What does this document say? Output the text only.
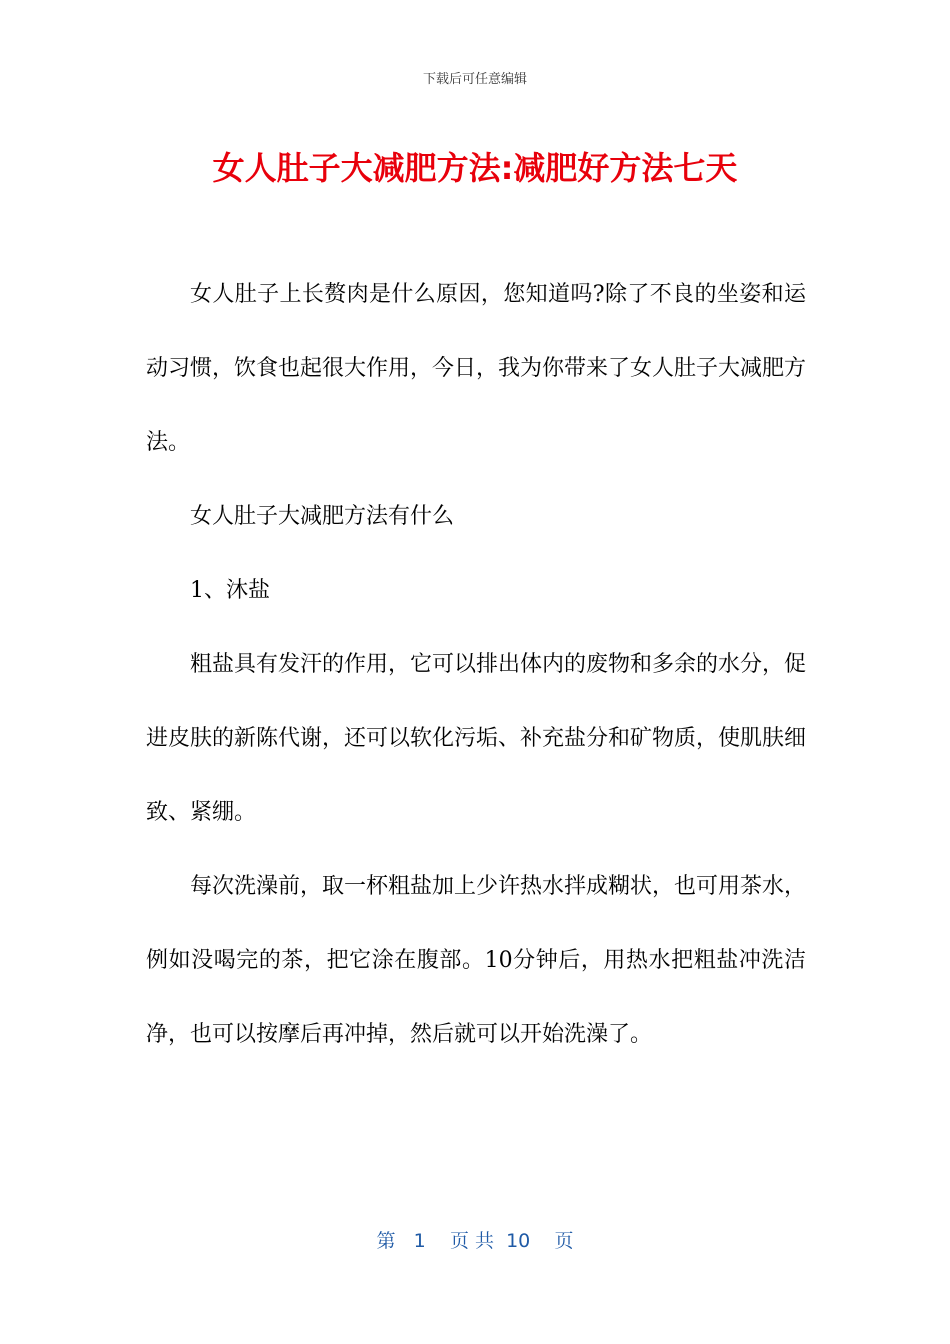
下载后可任意编辑
女人肚子大减肥方法:减肥好方法七天

女人肚子上长赘肉是什么原因，您知道吗?除了不良的坐姿和运动习惯，饮食也起很大作用，今日，我为你带来了女人肚子大减肥方法。

女人肚子大减肥方法有什么

1、沐盐

粗盐具有发汗的作用，它可以排出体内的废物和多余的水分，促进皮肤的新陈代谢，还可以软化污垢、补充盐分和矿物质，使肌肤细致、紧绷。

每次洗澡前，取一杯粗盐加上少许热水拌成糊状，也可用茶水，例如没喝完的茶，把它涂在腹部。10分钟后，用热水把粗盐冲洗洁净，也可以按摩后再冲掉，然后就可以开始洗澡了。

第 1 页 共 10 页
